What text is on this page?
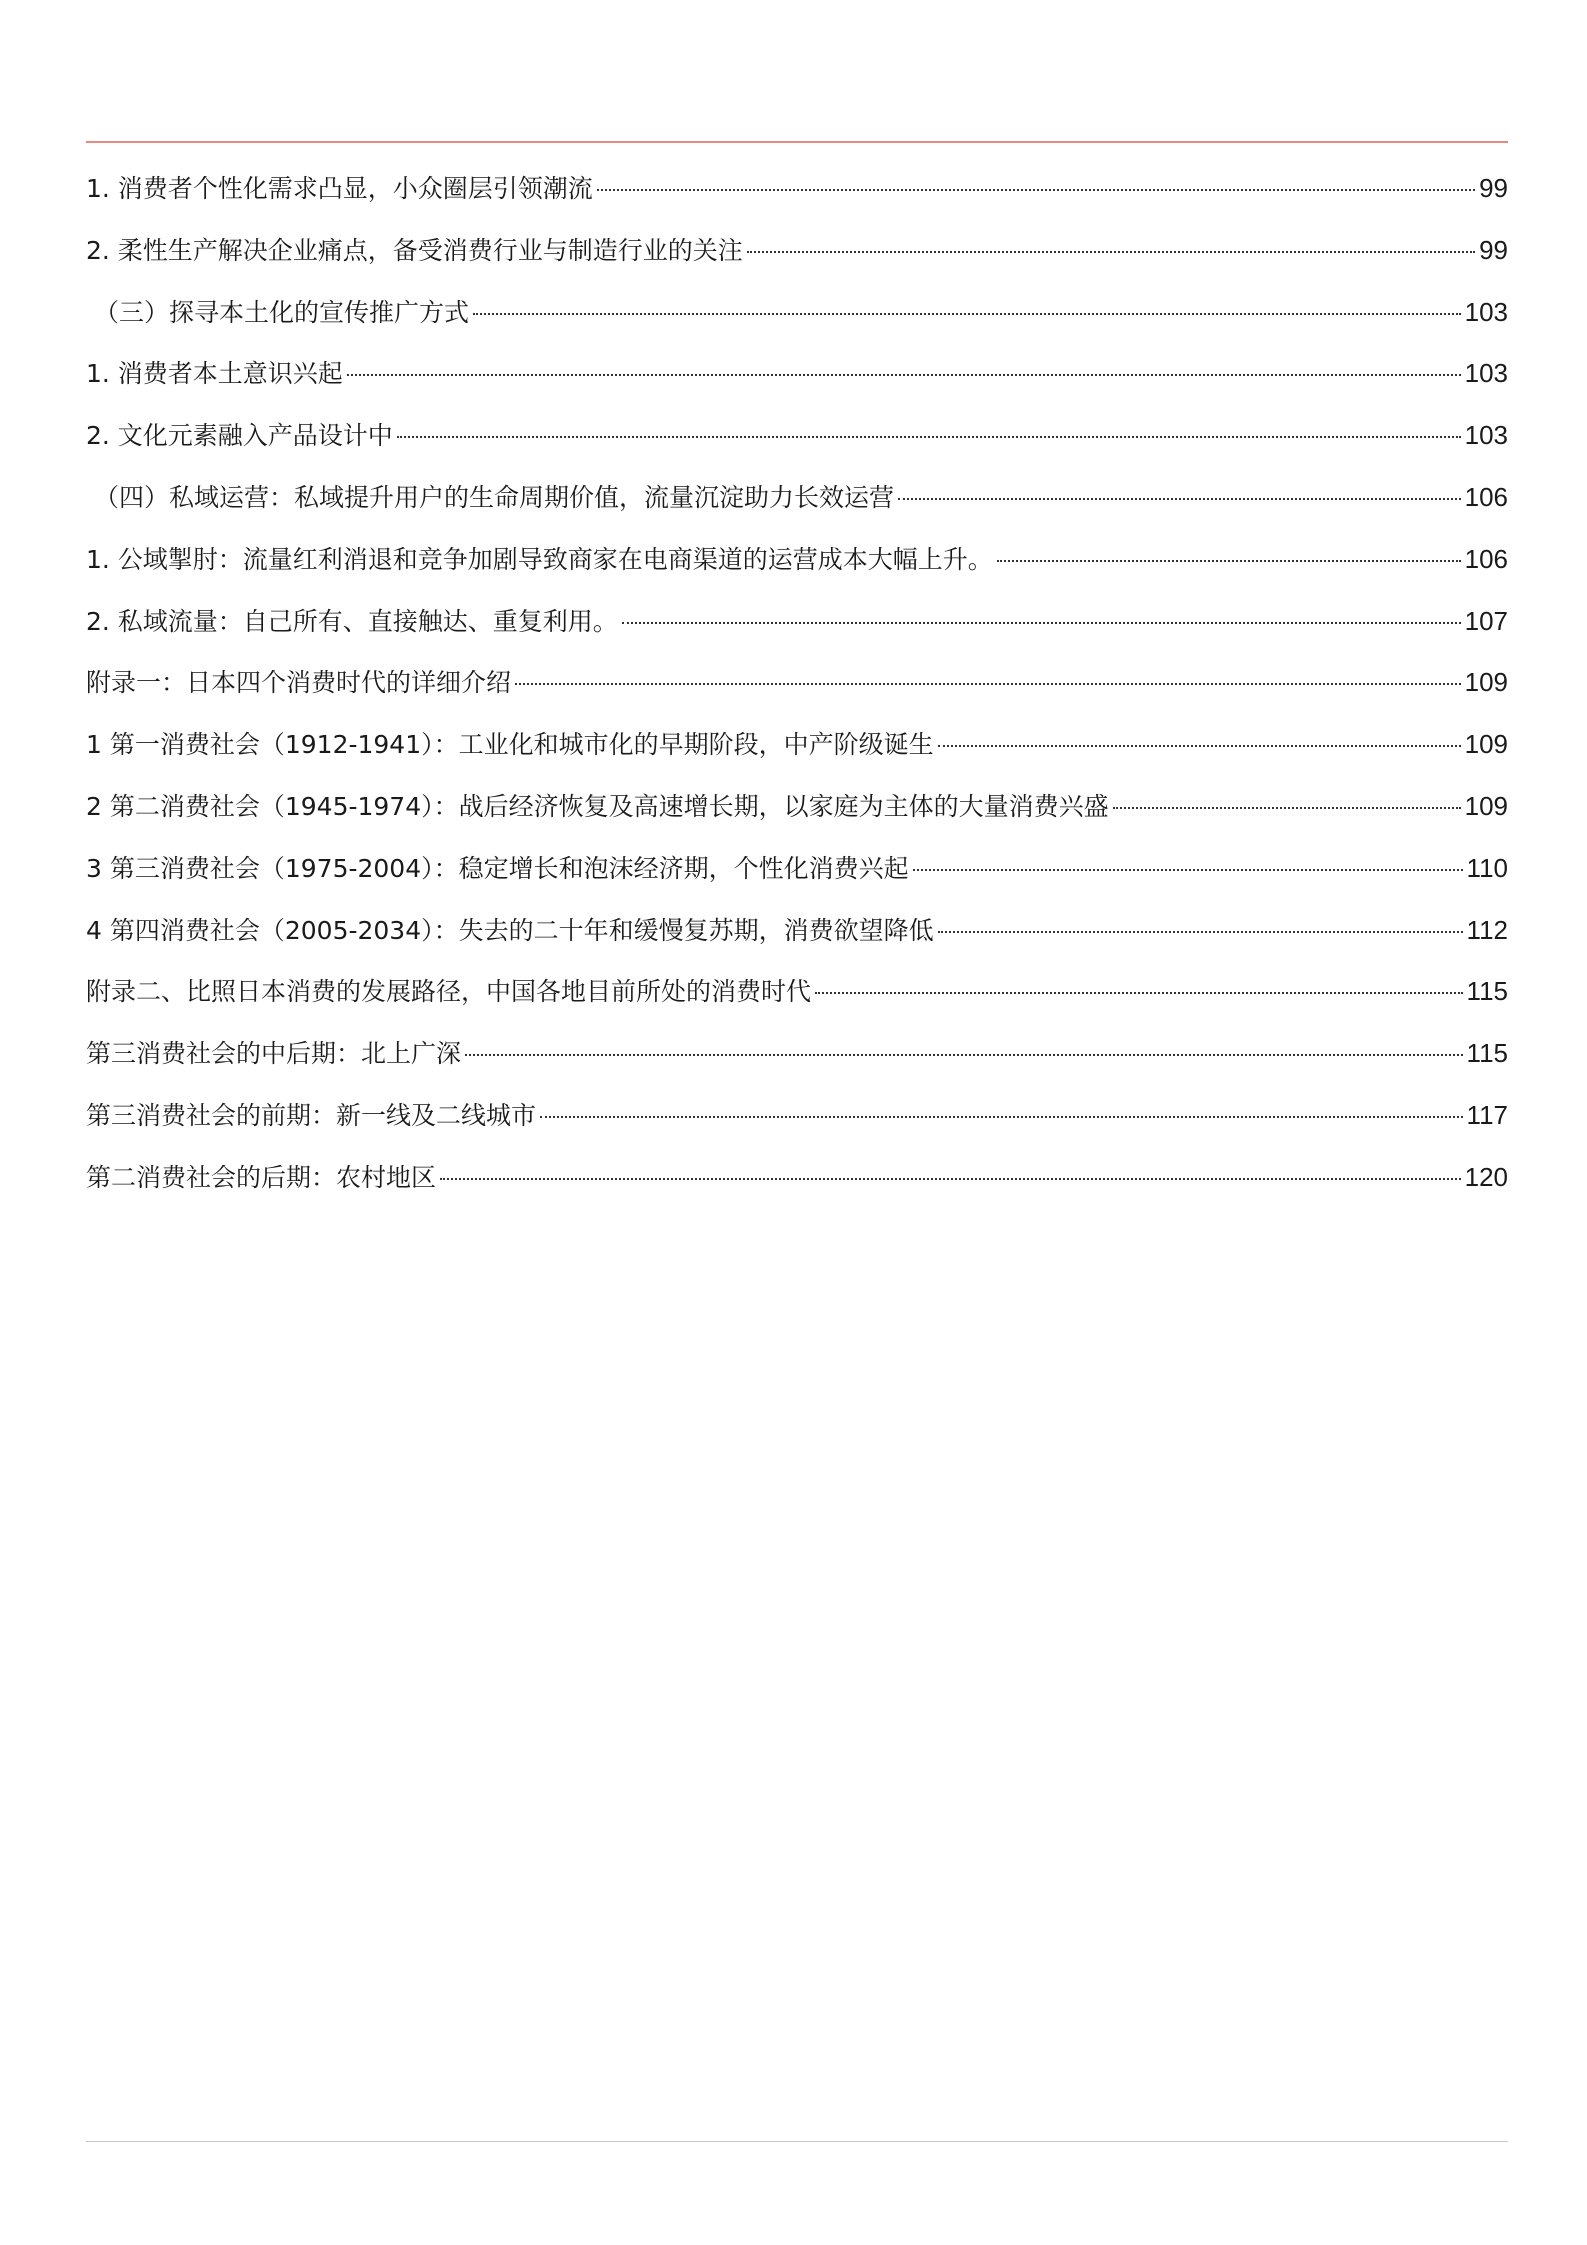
1. 消费者个性化需求凸显，小众圈层引领潮流	99
2. 柔性生产解决企业痛点，备受消费行业与制造行业的关注	99
（三）探寻本土化的宣传推广方式	103
1. 消费者本土意识兴起	103
2. 文化元素融入产品设计中	103
（四）私域运营：私域提升用户的生命周期价值，流量沉淀助力长效运营	106
1. 公域掣肘：流量红利消退和竞争加剧导致商家在电商渠道的运营成本大幅上升。	106
2. 私域流量：自己所有、直接触达、重复利用。	107
附录一：日本四个消费时代的详细介绍	109
1 第一消费社会（1912-1941）：工业化和城市化的早期阶段，中产阶级诞生	109
2 第二消费社会（1945-1974）：战后经济恢复及高速增长期，以家庭为主体的大量消费兴盛	109
3 第三消费社会（1975-2004）：稳定增长和泡沫经济期，个性化消费兴起	110
4 第四消费社会（2005-2034）：失去的二十年和缓慢复苏期，消费欲望降低	112
附录二、比照日本消费的发展路径，中国各地目前所处的消费时代	115
第三消费社会的中后期：北上广深	115
第三消费社会的前期：新一线及二线城市	117
第二消费社会的后期：农村地区	120
